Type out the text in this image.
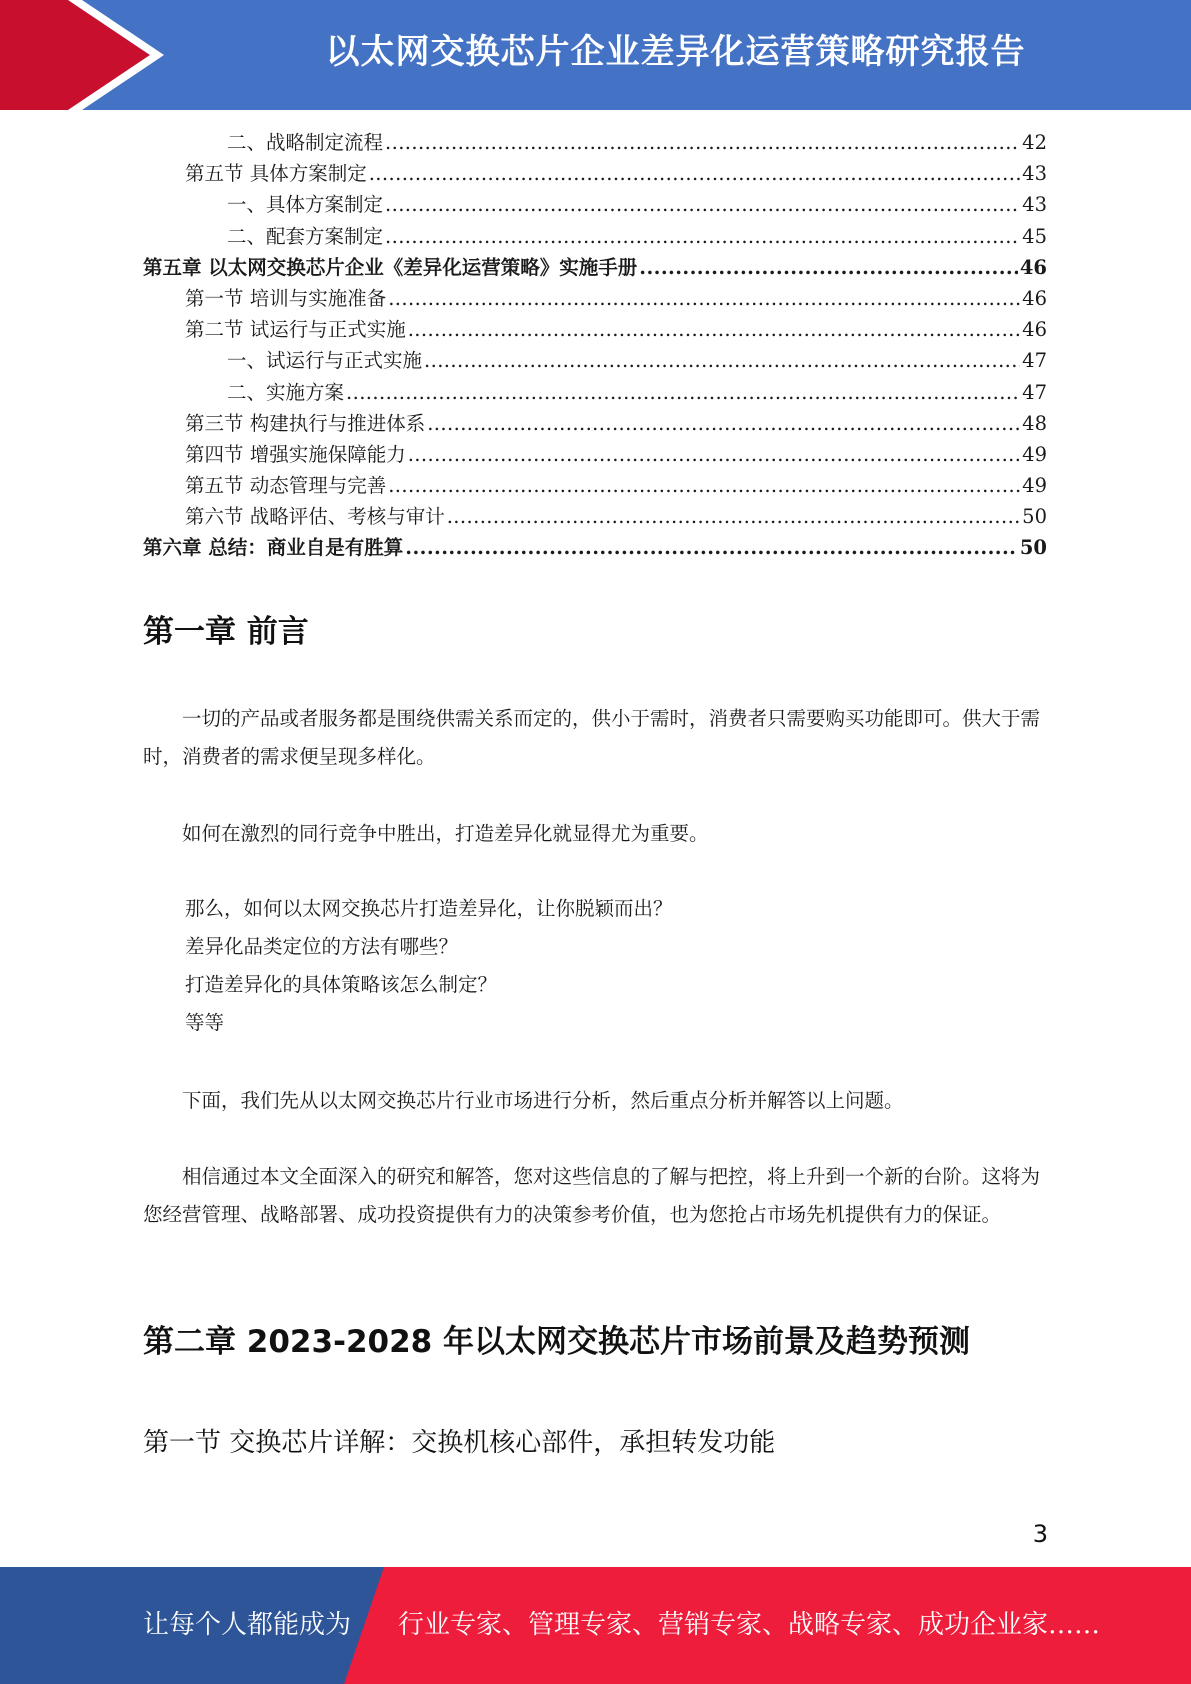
以太网交换芯片企业差异化运营策略研究报告
二、战略制定流程 .....	42
第五节 具体方案制定 .....	43
一、具体方案制定 .....	43
二、配套方案制定 .....	45
第五章 以太网交换芯片企业《差异化运营策略》实施手册 .....	46
第一节 培训与实施准备 .....	46
第二节 试运行与正式实施 .....	46
一、试运行与正式实施 .....	47
二、实施方案 .....	47
第三节 构建执行与推进体系 .....	48
第四节 增强实施保障能力 .....	49
第五节 动态管理与完善 .....	49
第六节 战略评估、考核与审计 .....	50
第六章 总结：商业自是有胜算 .....	50
第一章 前言

一切的产品或者服务都是围绕供需关系而定的，供小于需时，消费者只需要购买功能即可。供大于需时，消费者的需求便呈现多样化。

如何在激烈的同行竞争中胜出，打造差异化就显得尤为重要。

那么，如何以太网交换芯片打造差异化，让你脱颖而出？

差异化品类定位的方法有哪些？

打造差异化的具体策略该怎么制定？

等等

下面，我们先从以太网交换芯片行业市场进行分析，然后重点分析并解答以上问题。

相信通过本文全面深入的研究和解答，您对这些信息的了解与把控，将上升到一个新的台阶。这将为您经营管理、战略部署、成功投资提供有力的决策参考价值，也为您抢占市场先机提供有力的保证。

第二章 2023-2028 年以太网交换芯片市场前景及趋势预测
第一节 交换芯片详解：交换机核心部件，承担转发功能
3
让每个人都能成为 行业专家、管理专家、营销专家、战略专家、成功企业家……
